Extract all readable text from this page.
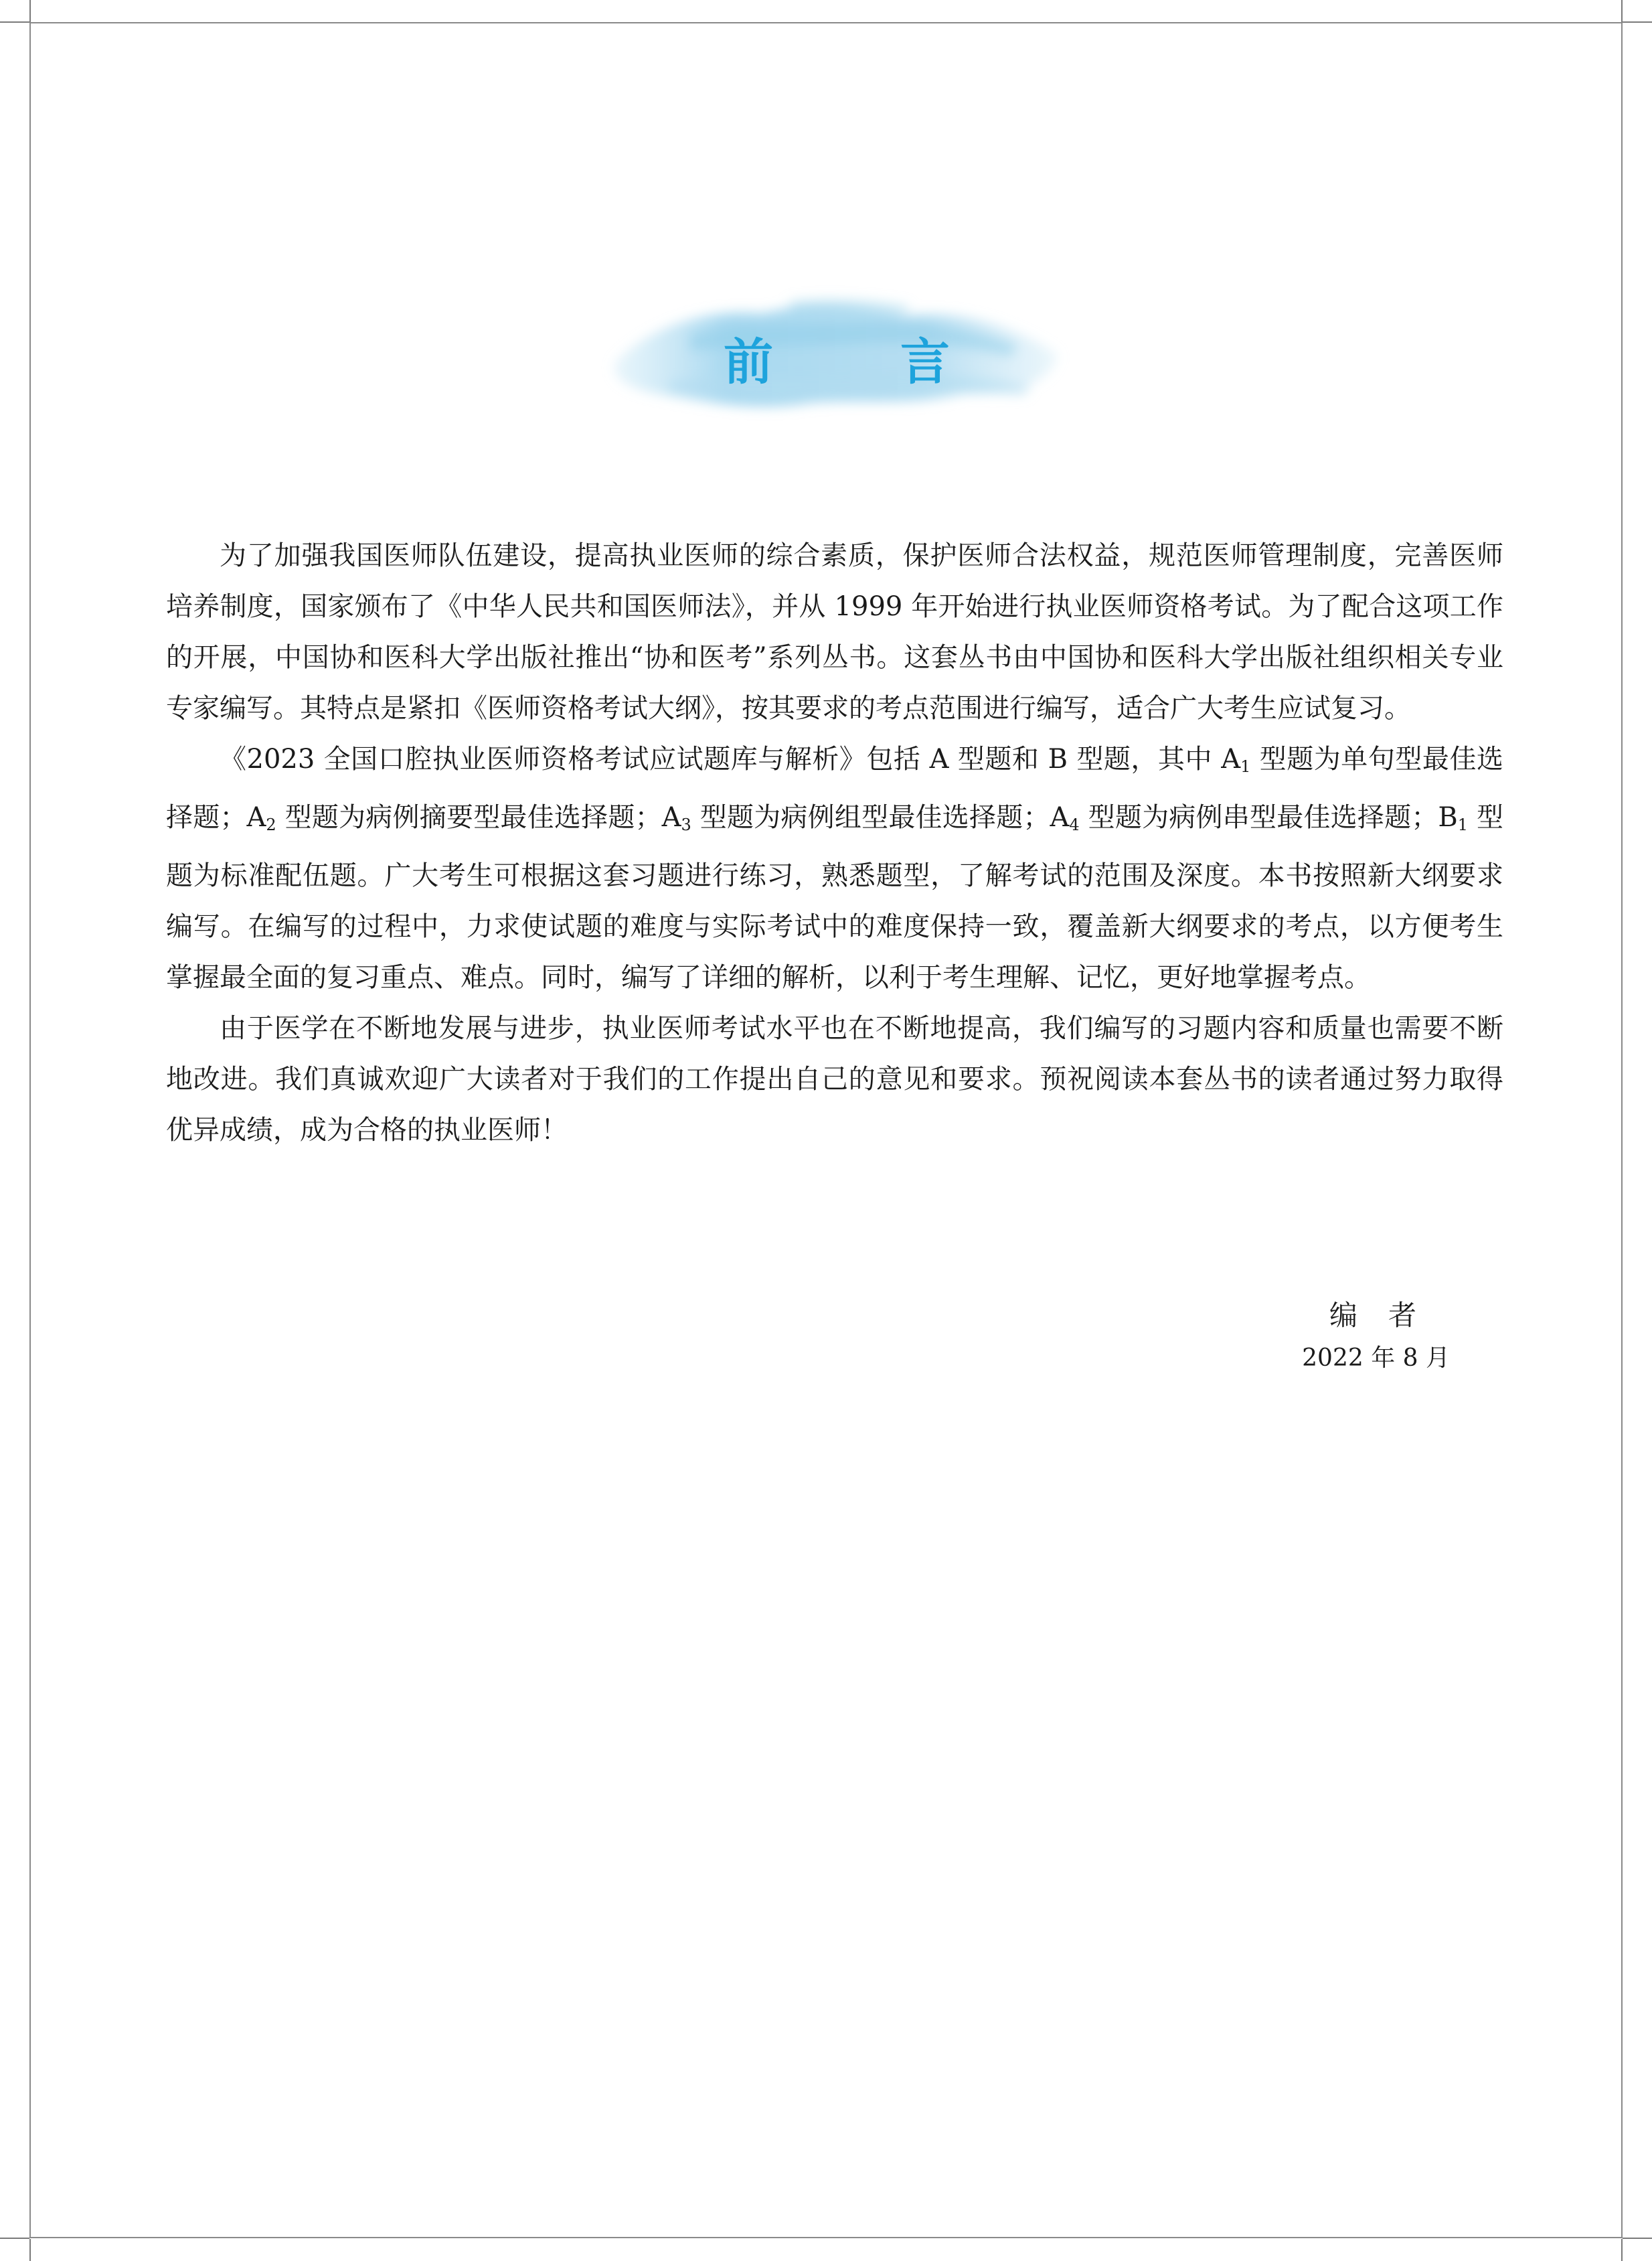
前言

为了加强我国医师队伍建设，提高执业医师的综合素质，保护医师合法权益，规范医师管理制度，完善医师培养制度，国家颁布了《中华人民共和国医师法》，并从 1999 年开始进行执业医师资格考试。为了配合这项工作的开展，中国协和医科大学出版社推出“协和医考”系列丛书。这套丛书由中国协和医科大学出版社组织相关专业专家编写。其特点是紧扣《医师资格考试大纲》，按其要求的考点范围进行编写，适合广大考生应试复习。

《2023 全国口腔执业医师资格考试应试题库与解析》包括 A 型题和 B 型题，其中 $A_1$ 型题为单句型最佳选择题；$A_2$ 型题为病例摘要型最佳选择题；$A_3$ 型题为病例组型最佳选择题；$A_4$ 型题为病例串型最佳选择题；$B_1$ 型题为标准配伍题。广大考生可根据这套习题进行练习，熟悉题型，了解考试的范围及深度。本书按照新大纲要求编写。在编写的过程中，力求使试题的难度与实际考试中的难度保持一致，覆盖新大纲要求的考点，以方便考生掌握最全面的复习重点、难点。同时，编写了详细的解析，以利于考生理解、记忆，更好地掌握考点。

由于医学在不断地发展与进步，执业医师考试水平也在不断地提高，我们编写的习题内容和质量也需要不断地改进。我们真诚欢迎广大读者对于我们的工作提出自己的意见和要求。预祝阅读本套丛书的读者通过努力取得优异成绩，成为合格的执业医师！

编者
2022 年 8 月
